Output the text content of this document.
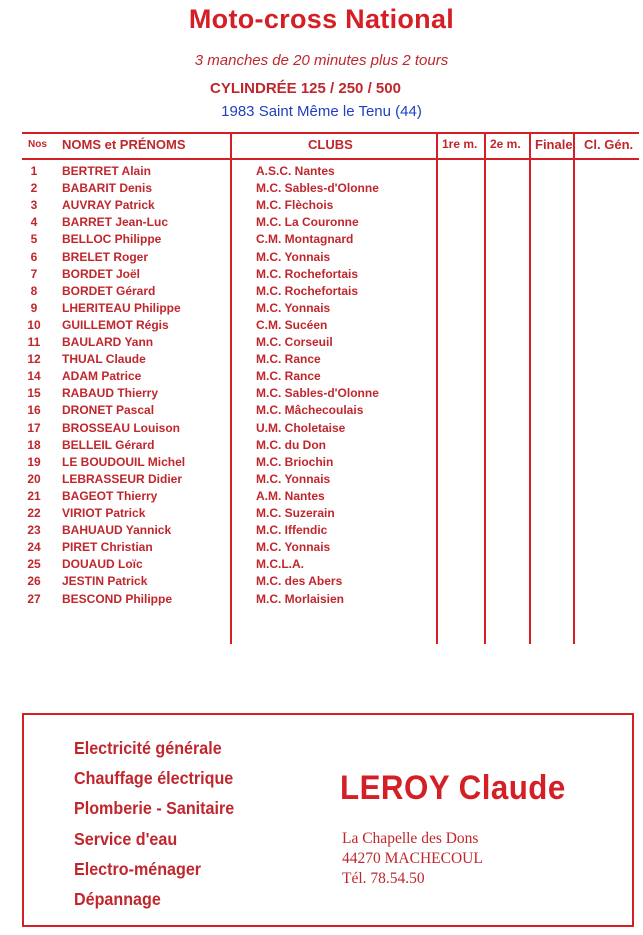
Moto-cross National
3 manches de 20 minutes plus 2 tours
CYLINDRÉE 125 / 250 / 500
1983 Saint Même le Tenu (44)
Nos NOMS et PRÉNOMS	CLUBS	1re m. 2e m. Finale Cl. Gén.
1	BERTRET Alain	A.S.C. Nantes
2	BABARIT Denis	M.C. Sables-d'Olonne
3	AUVRAY Patrick	M.C. Flèchois
4	BARRET Jean-Luc	M.C. La Couronne
5	BELLOC Philippe	C.M. Montagnard
6	BRELET Roger	M.C. Yonnais
7	BORDET Joël	M.C. Rochefortais
8	BORDET Gérard	M.C. Rochefortais
9	LHERITEAU Philippe	M.C. Yonnais
10 GUILLEMOT Régis	C.M. Sucéen
11	BAULARD Yann	M.C. Corseuil
12 THUAL Claude	M.C. Rance
14 ADAM Patrice	M.C. Rance
15 RABAUD Thierry	M.C. Sables-d'Olonne
16 DRONET Pascal	M.C. Mâchecoulais
17 BROSSEAU Louison	U.M. Choletaise
18 BELLEIL Gérard	M.C. du Don
19 LE BOUDOUIL Michel	M.C. Briochin
20 LEBRASSEUR Didier	M.C. Yonnais
21 BAGEOT Thierry	A.M. Nantes
22 VIRIOT Patrick	M.C. Suzerain
23 BAHUAUD Yannick	M.C. Iffendic
24 PIRET Christian	M.C. Yonnais
25 DOUAUD Loïc	M.C.L.A.
26 JESTIN Patrick	M.C. des Abers
27 BESCOND Philippe	M.C. Morlaisien
Electricité générale
Chauffage électrique
Plomberie - Sanitaire
Service d'eau
Electro-ménager
Dépannage
LEROY Claude
La Chapelle des Dons
44270 MACHECOUL
Tél. 78.54.50
